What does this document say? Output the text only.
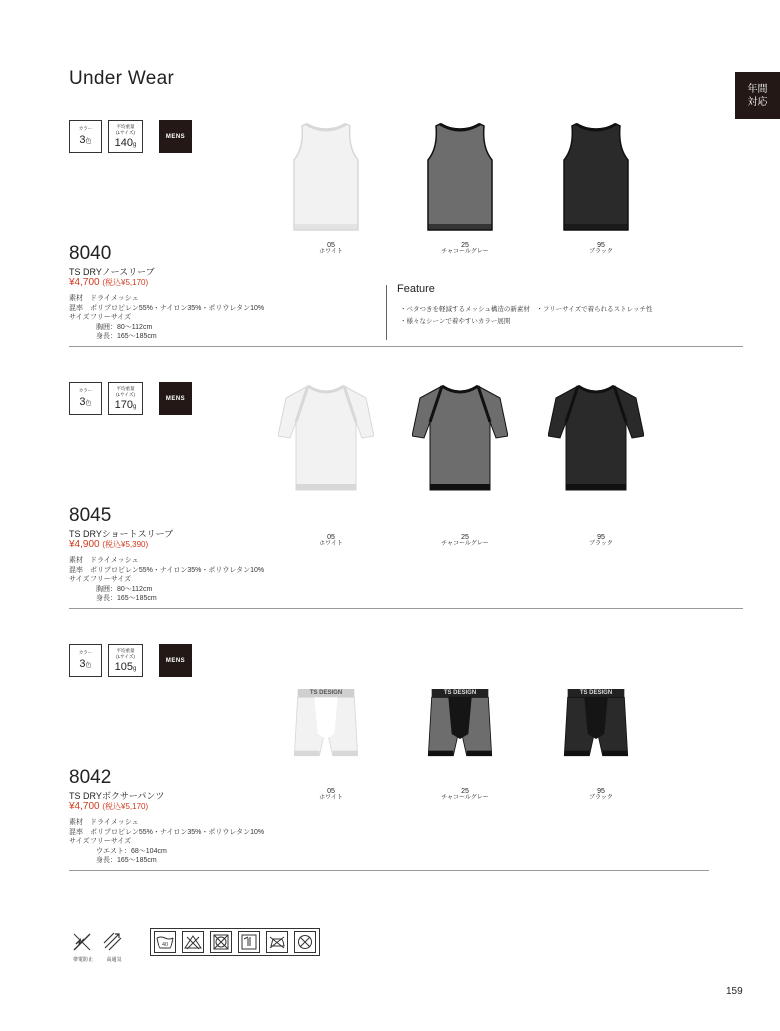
Under Wear	年間
対応
カラー
3色
平均重量
(Lサイズ)
140g
MENS
8040
TS DRYノースリーブ
¥4,700 (税込¥5,170)
素材 ドライメッシュ
混率 ポリプロピレン55%・ナイロン35%・ポリウレタン10%
サイズフリーサイズ
胸囲：80～112cm
身長：165～185cm
05
ホワイト
25
チャコールグレー
95
ブラック
カラー
3色
平均重量
(Lサイズ)
170g
MENS
8045
TS DRYショートスリーブ
¥4,900 (税込¥5,390)
素材 ドライメッシュ
混率 ポリプロピレン55%・ナイロン35%・ポリウレタン10%
サイズフリーサイズ
胸囲：80～112cm
身長：165～185cm
05
ホワイト
25
チャコールグレー
95
ブラック
カラー
3色
平均重量
(Lサイズ)
105g
MENS
8042
TS DRYボクサーパンツ
¥4,700 (税込¥5,170)
素材 ドライメッシュ
混率 ポリプロピレン55%・ナイロン35%・ポリウレタン10%
サイズフリーサイズ
ウエスト：68～104cm
身長：165～185cm
TS DESIGN
05
ホワイト
TS DESIGN
25
チャコールグレー
TS DESIGN
95
ブラック
Feature
・ベタつきを軽減するメッシュ構造の新素材　・フリーサイズで着られるストレッチ性
・様々なシーンで着やすいカラー展開
帯電防止	高通気
40
159
